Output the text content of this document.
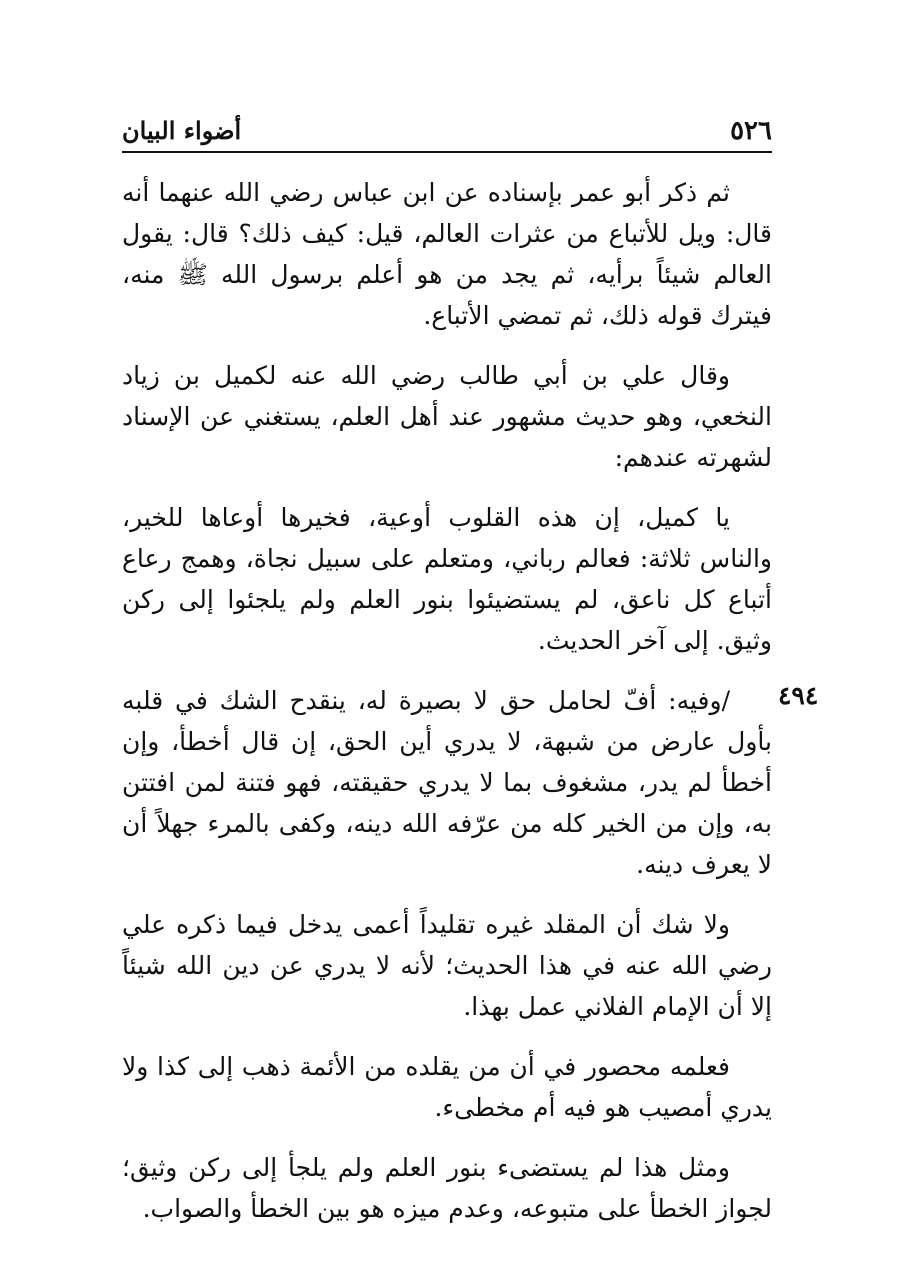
٥٢٦
أضواء البيان
٤٩٤

ثم ذكر أبو عمر بإسناده عن ابن عباس رضي الله عنهما أنه قال: ويل للأتباع من عثرات العالم، قيل: كيف ذلك؟ قال: يقول العالم شيئاً برأيه، ثم يجد من هو أعلم برسول الله ﷺ منه، فيترك قوله ذلك، ثم تمضي الأتباع.

وقال علي بن أبي طالب رضي الله عنه لكميل بن زياد النخعي، وهو حديث مشهور عند أهل العلم، يستغني عن الإسناد لشهرته عندهم:

يا كميل، إن هذه القلوب أوعية، فخيرها أوعاها للخير، والناس ثلاثة: فعالم رباني، ومتعلم على سبيل نجاة، وهمج رعاع أتباع كل ناعق، لم يستضيئوا بنور العلم ولم يلجئوا إلى ركن وثيق. إلى آخر الحديث.

/وفيه: أفّ لحامل حق لا بصيرة له، ينقدح الشك في قلبه بأول عارض من شبهة، لا يدري أين الحق، إن قال أخطأ، وإن أخطأ لم يدر، مشغوف بما لا يدري حقيقته، فهو فتنة لمن افتتن به، وإن من الخير كله من عرّفه الله دينه، وكفى بالمرء جهلاً أن لا يعرف دينه.

ولا شك أن المقلد غيره تقليداً أعمى يدخل فيما ذكره علي رضي الله عنه في هذا الحديث؛ لأنه لا يدري عن دين الله شيئاً إلا أن الإمام الفلاني عمل بهذا.

فعلمه محصور في أن من يقلده من الأئمة ذهب إلى كذا ولا يدري أمصيب هو فيه أم مخطىء.

ومثل هذا لم يستضىء بنور العلم ولم يلجأ إلى ركن وثيق؛ لجواز الخطأ على متبوعه، وعدم ميزه هو بين الخطأ والصواب.
